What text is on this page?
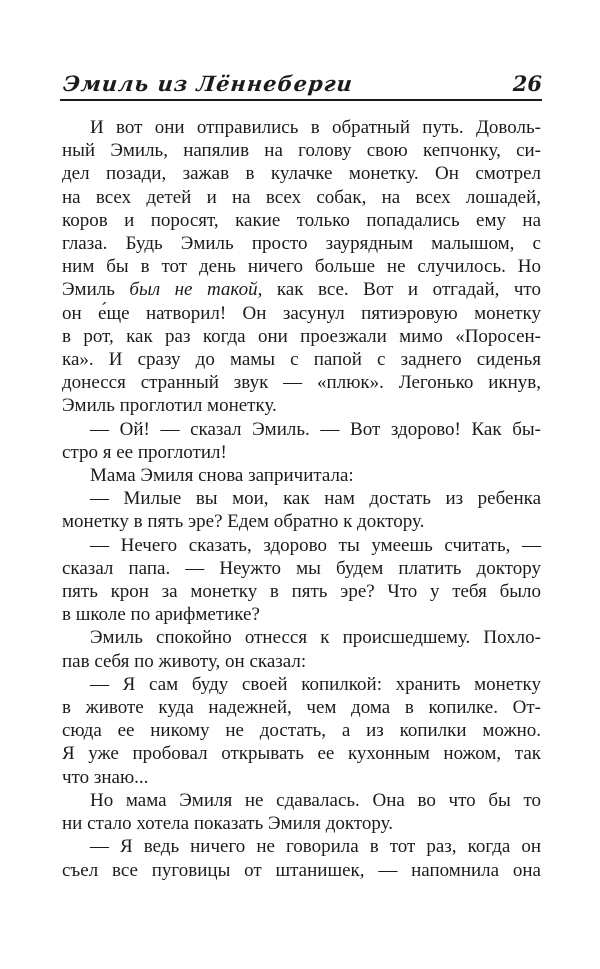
Эмиль из Лённеберги	26
И вот они отправились в обратный путь. Доволь-
ный Эмиль, напялив на голову свою кепчонку, си-
дел позади, зажав в кулачке монетку. Он смотрел
на всех детей и на всех собак, на всех лошадей,
коров и поросят, какие только попадались ему на
глаза. Будь Эмиль просто заурядным малышом, с
ним бы в тот день ничего больше не случилось. Но
Эмиль был не такой, как все. Вот и отгадай, что
он е́ще натворил! Он засунул пятиэровую монетку
в рот, как раз когда они проезжали мимо «Поросен-
ка». И сразу до мамы с папой с заднего сиденья
донесся странный звук — «плюк». Легонько икнув,
Эмиль проглотил монетку.
— Ой! — сказал Эмиль. — Вот здорово! Как бы-
стро я ее проглотил!
Мама Эмиля снова запричитала:
— Милые вы мои, как нам достать из ребенка
монетку в пять эре? Едем обратно к доктору.
— Нечего сказать, здорово ты умеешь считать, —
сказал папа. — Неужто мы будем платить доктору
пять крон за монетку в пять эре? Что у тебя было
в школе по арифметике?
Эмиль спокойно отнесся к происшедшему. Похло-
пав себя по животу, он сказал:
— Я сам буду своей копилкой: хранить монетку
в животе куда надежней, чем дома в копилке. От-
сюда ее никому не достать, а из копилки можно.
Я уже пробовал открывать ее кухонным ножом, так
что знаю...
Но мама Эмиля не сдавалась. Она во что бы то
ни стало хотела показать Эмиля доктору.
— Я ведь ничего не говорила в тот раз, когда он
съел все пуговицы от штанишек, — напомнила она
